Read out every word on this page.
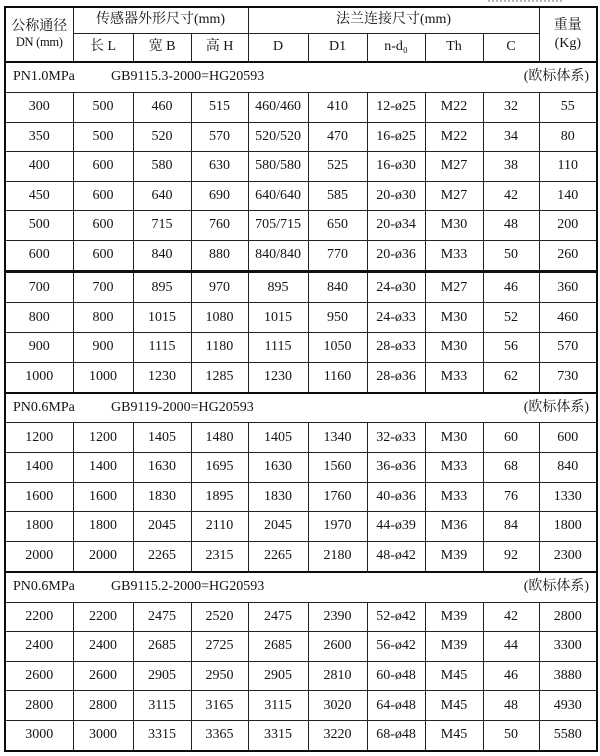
公称通径
DN (mm)
	传感器外形尺寸(mm)	法兰连接尺寸(mm)	重量
(Kg)

	长 L	宽 B	高 H	D	D1	n-d₀	Th	C	

PN1.0MPa GB9115.3-2000=HG20593 (欧标体系)									

300	500	460	515	460/460	410	12-ø25	M22	32	55
350	500	520	570	520/520	470	16-ø25	M22	34	80
400	600	580	630	580/580	525	16-ø30	M27	38	110
450	600	640	690	640/640	585	20-ø30	M27	42	140
500	600	715	760	705/715	650	20-ø34	M30	48	200
600	600	840	880	840/840	770	20-ø36	M33	50	260
700	700	895	970	895	840	24-ø30	M27	46	360
800	800	1015	1080	1015	950	24-ø33	M30	52	460
900	900	1115	1180	1115	1050	28-ø33	M30	56	570
1000	1000	1230	1285	1230	1160	28-ø36	M33	62	730

PN0.6MPa GB9119-2000=HG20593 (欧标体系)									

1200	1200	1405	1480	1405	1340	32-ø33	M30	60	600
1400	1400	1630	1695	1630	1560	36-ø36	M33	68	840
1600	1600	1830	1895	1830	1760	40-ø36	M33	76	1330
1800	1800	2045	2110	2045	1970	44-ø39	M36	84	1800
2000	2000	2265	2315	2265	2180	48-ø42	M39	92	2300

PN0.6MPa GB9115.2-2000=HG20593 (欧标体系)									

2200	2200	2475	2520	2475	2390	52-ø42	M39	42	2800
2400	2400	2685	2725	2685	2600	56-ø42	M39	44	3300
2600	2600	2905	2950	2905	2810	60-ø48	M45	46	3880
2800	2800	3115	3165	3115	3020	64-ø48	M45	48	4930
3000	3000	3315	3365	3315	3220	68-ø48	M45	50	5580
